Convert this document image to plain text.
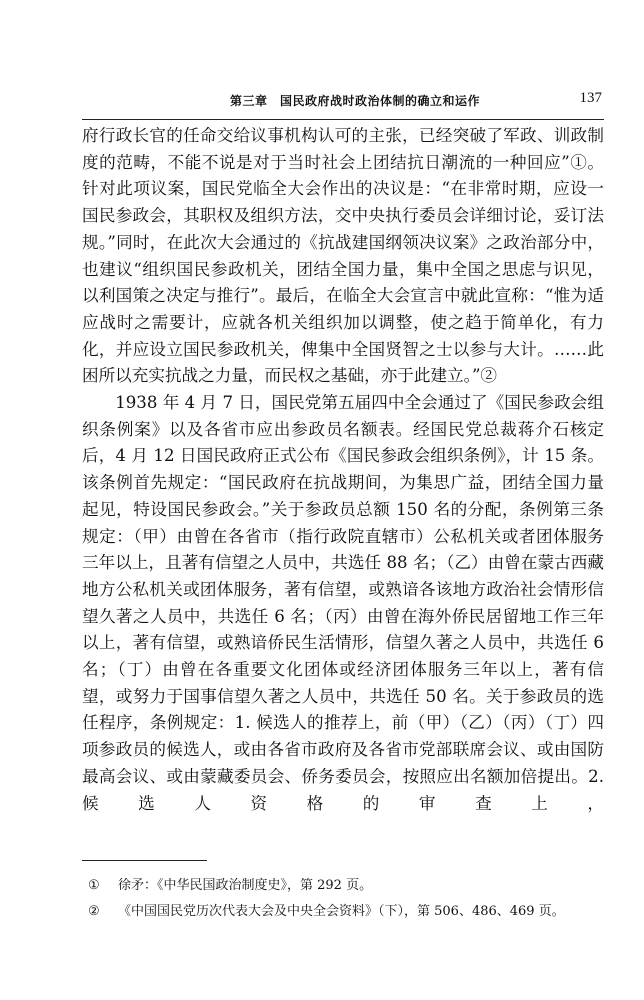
第三章　国民政府战时政治体制的确立和运作	137

府行政长官的任命交给议事机构认可的主张，已经突破了军政、训政制度的范畴，不能不说是对于当时社会上团结抗日潮流的一种回应”①。针对此项议案，国民党临全大会作出的决议是：“在非常时期，应设一国民参政会，其职权及组织方法，交中央执行委员会详细讨论，妥订法规。”同时，在此次大会通过的《抗战建国纲领决议案》之政治部分中，也建议“组织国民参政机关，团结全国力量，集中全国之思虑与识见，以利国策之决定与推行”。最后，在临全大会宣言中就此宣称：“惟为适应战时之需要计，应就各机关组织加以调整，使之趋于简单化，有力化，并应设立国民参政机关，俾集中全国贤智之士以参与大计。……此困所以充实抗战之力量，而民权之基础，亦于此建立。”②

1938 年 4 月 7 日，国民党第五届四中全会通过了《国民参政会组织条例案》以及各省市应出参政员名额表。经国民党总裁蒋介石核定后，4 月 12 日国民政府正式公布《国民参政会组织条例》，计 15 条。该条例首先规定：“国民政府在抗战期间，为集思广益，团结全国力量起见，特设国民参政会。”关于参政员总额 150 名的分配，条例第三条规定：（甲）由曾在各省市（指行政院直辖市）公私机关或者团体服务三年以上，且著有信望之人员中，共选任 88 名；（乙）由曾在蒙古西藏地方公私机关或团体服务，著有信望，或熟谙各该地方政治社会情形信望久著之人员中，共选任 6 名；（丙）由曾在海外侨民居留地工作三年以上，著有信望，或熟谙侨民生活情形，信望久著之人员中，共选任 6 名；（丁）由曾在各重要文化团体或经济团体服务三年以上，著有信望，或努力于国事信望久著之人员中，共选任 50 名。关于参政员的选任程序，条例规定：1. 候选人的推荐上，前（甲）（乙）（丙）（丁）四项参政员的候选人，或由各省市政府及各省市党部联席会议、或由国防最高会议、或由蒙藏委员会、侨务委员会，按照应出名额加倍提出。2. 候选人资格的审查上，

①	徐矛：《中华民国政治制度史》，第 292 页。
②	《中国国民党历次代表大会及中央全会资料》（下），第 506、486、469 页。
